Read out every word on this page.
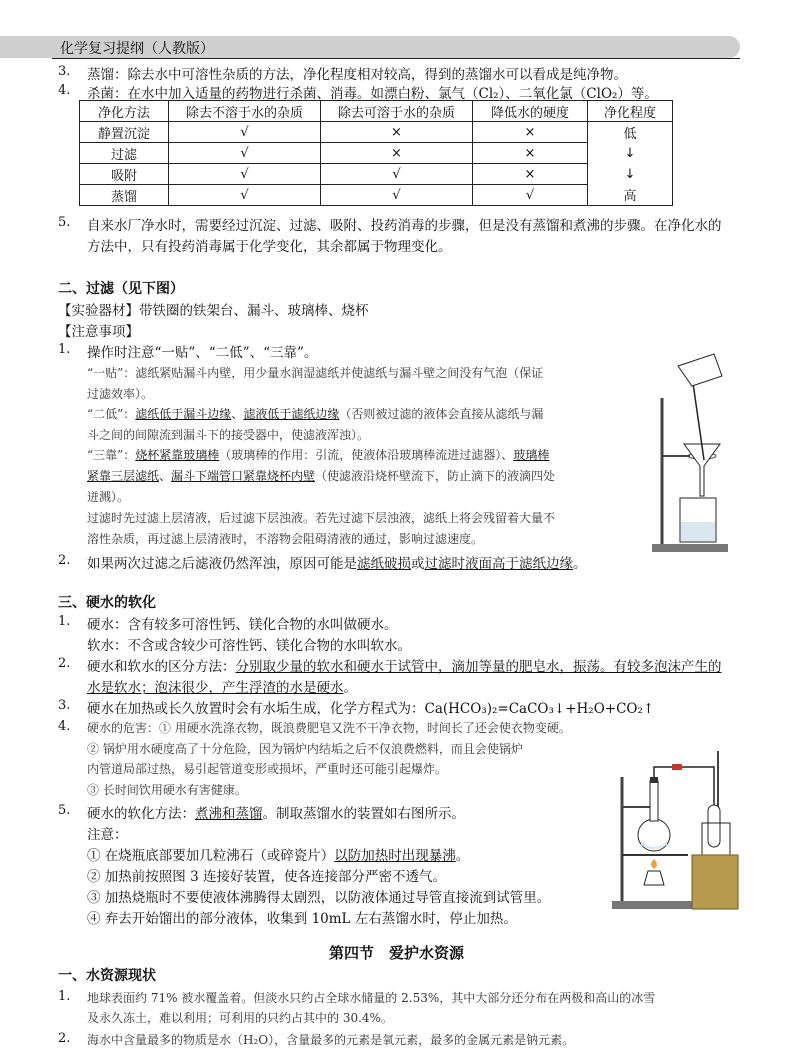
化学复习提纲（人教版）
3. 蒸馏：除去水中可溶性杂质的方法，净化程度相对较高，得到的蒸馏水可以看成是纯净物。
4. 杀菌：在水中加入适量的药物进行杀菌、消毒。如漂白粉、氯气（Cl₂）、二氧化氯（ClO₂）等。
净化方法	除去不溶于水的杂质	除去可溶于水的杂质	降低水的硬度	净化程度
静置沉淀	√	×	×	低
过滤	√	×	×	↓
吸附	√	√	×	↓
蒸馏	√	√	√	高
5. 自来水厂净水时，需要经过沉淀、过滤、吸附、投药消毒的步骤，但是没有蒸馏和煮沸的步骤。在净化水的
方法中，只有投药消毒属于化学变化，其余都属于物理变化。
二、过滤（见下图）
【实验器材】带铁圈的铁架台、漏斗、玻璃棒、烧杯
【注意事项】
1. 操作时注意“一贴”、“二低”、“三靠”。
“一贴”：滤纸紧贴漏斗内壁，用少量水润湿滤纸并使滤纸与漏斗壁之间没有气泡（保证
过滤效率）。
“二低”：滤纸低于漏斗边缘、滤液低于滤纸边缘（否则被过滤的液体会直接从滤纸与漏
斗之间的间隙流到漏斗下的接受器中，使滤液浑浊）。
“三靠”：烧杯紧靠玻璃棒（玻璃棒的作用：引流，使液体沿玻璃棒流进过滤器）、玻璃棒
紧靠三层滤纸、漏斗下端管口紧靠烧杯内壁（使滤液沿烧杯壁流下，防止滴下的液滴四处
迸溅）。
过滤时先过滤上层清液，后过滤下层浊液。若先过滤下层浊液，滤纸上将会残留着大量不
溶性杂质，再过滤上层清液时，不溶物会阻碍清液的通过，影响过滤速度。
2. 如果两次过滤之后滤液仍然浑浊，原因可能是滤纸破损或过滤时液面高于滤纸边缘。
三、硬水的软化
1. 硬水：含有较多可溶性钙、镁化合物的水叫做硬水。
软水：不含或含较少可溶性钙、镁化合物的水叫软水。
2. 硬水和软水的区分方法：分别取少量的软水和硬水于试管中，滴加等量的肥皂水，振荡。有较多泡沫产生的
水是软水；泡沫很少，产生浮渣的水是硬水。
3. 硬水在加热或长久放置时会有水垢生成，化学方程式为：Ca(HCO₃)₂=CaCO₃↓+H₂O+CO₂↑
4. 硬水的危害：① 用硬水洗涤衣物，既浪费肥皂又洗不干净衣物，时间长了还会使衣物变硬。
② 锅炉用水硬度高了十分危险，因为锅炉内结垢之后不仅浪费燃料，而且会使锅炉
内管道局部过热，易引起管道变形或损坏，严重时还可能引起爆炸。
③ 长时间饮用硬水有害健康。
5. 硬水的软化方法：煮沸和蒸馏。制取蒸馏水的装置如右图所示。
注意：
① 在烧瓶底部要加几粒沸石（或碎瓷片）以防加热时出现暴沸。
② 加热前按照图 3 连接好装置，使各连接部分严密不透气。
③ 加热烧瓶时不要使液体沸腾得太剧烈，以防液体通过导管直接流到试管里。
④ 弃去开始馏出的部分液体，收集到 10mL 左右蒸馏水时，停止加热。
第四节　爱护水资源
一、水资源现状
1. 地球表面约 71% 被水覆盖着。但淡水只约占全球水储量的 2.53%，其中大部分还分布在两极和高山的冰雪
及永久冻土，难以利用；可利用的只约占其中的 30.4%。
2. 海水中含量最多的物质是水（H₂O），含量最多的元素是氧元素，最多的金属元素是钠元素。
